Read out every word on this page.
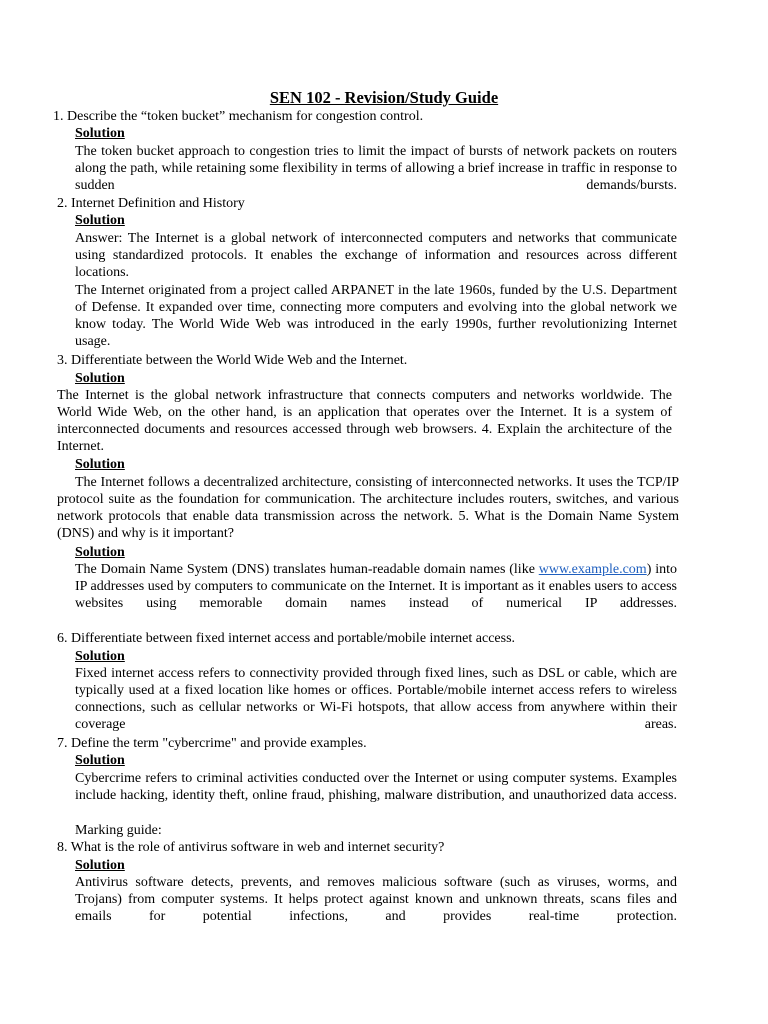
SEN 102 - Revision/Study Guide
1. Describe the “token bucket” mechanism for congestion control.
Solution
The token bucket approach to congestion tries to limit the impact of bursts of network packets on routers along the path, while retaining some flexibility in terms of allowing a brief increase in traffic in response to sudden demands/bursts.
2. Internet Definition and History
Solution
Answer: The Internet is a global network of interconnected computers and networks that communicate using standardized protocols. It enables the exchange of information and resources across different locations.
The Internet originated from a project called ARPANET in the late 1960s, funded by the U.S. Department of Defense. It expanded over time, connecting more computers and evolving into the global network we know today. The World Wide Web was introduced in the early 1990s, further revolutionizing Internet usage.
3. Differentiate between the World Wide Web and the Internet.
Solution
The Internet is the global network infrastructure that connects computers and networks worldwide. The World Wide Web, on the other hand, is an application that operates over the Internet. It is a system of interconnected documents and resources accessed through web browsers. 4. Explain the architecture of the Internet.
Solution
The Internet follows a decentralized architecture, consisting of interconnected networks. It uses the TCP/IP protocol suite as the foundation for communication. The architecture includes routers, switches, and various network protocols that enable data transmission across the network. 5. What is the Domain Name System (DNS) and why is it important?
Solution
The Domain Name System (DNS) translates human-readable domain names (like www.example.com) into IP addresses used by computers to communicate on the Internet. It is important as it enables users to access websites using memorable domain names instead of numerical IP addresses.
6. Differentiate between fixed internet access and portable/mobile internet access.
Solution
Fixed internet access refers to connectivity provided through fixed lines, such as DSL or cable, which are typically used at a fixed location like homes or offices. Portable/mobile internet access refers to wireless connections, such as cellular networks or Wi-Fi hotspots, that allow access from anywhere within their coverage areas.
7. Define the term "cybercrime" and provide examples.
Solution
Cybercrime refers to criminal activities conducted over the Internet or using computer systems. Examples include hacking, identity theft, online fraud, phishing, malware distribution, and unauthorized data access.
Marking guide:
8. What is the role of antivirus software in web and internet security?
Solution
Antivirus software detects, prevents, and removes malicious software (such as viruses, worms, and Trojans) from computer systems. It helps protect against known and unknown threats, scans files and emails for potential infections, and provides real-time protection.
